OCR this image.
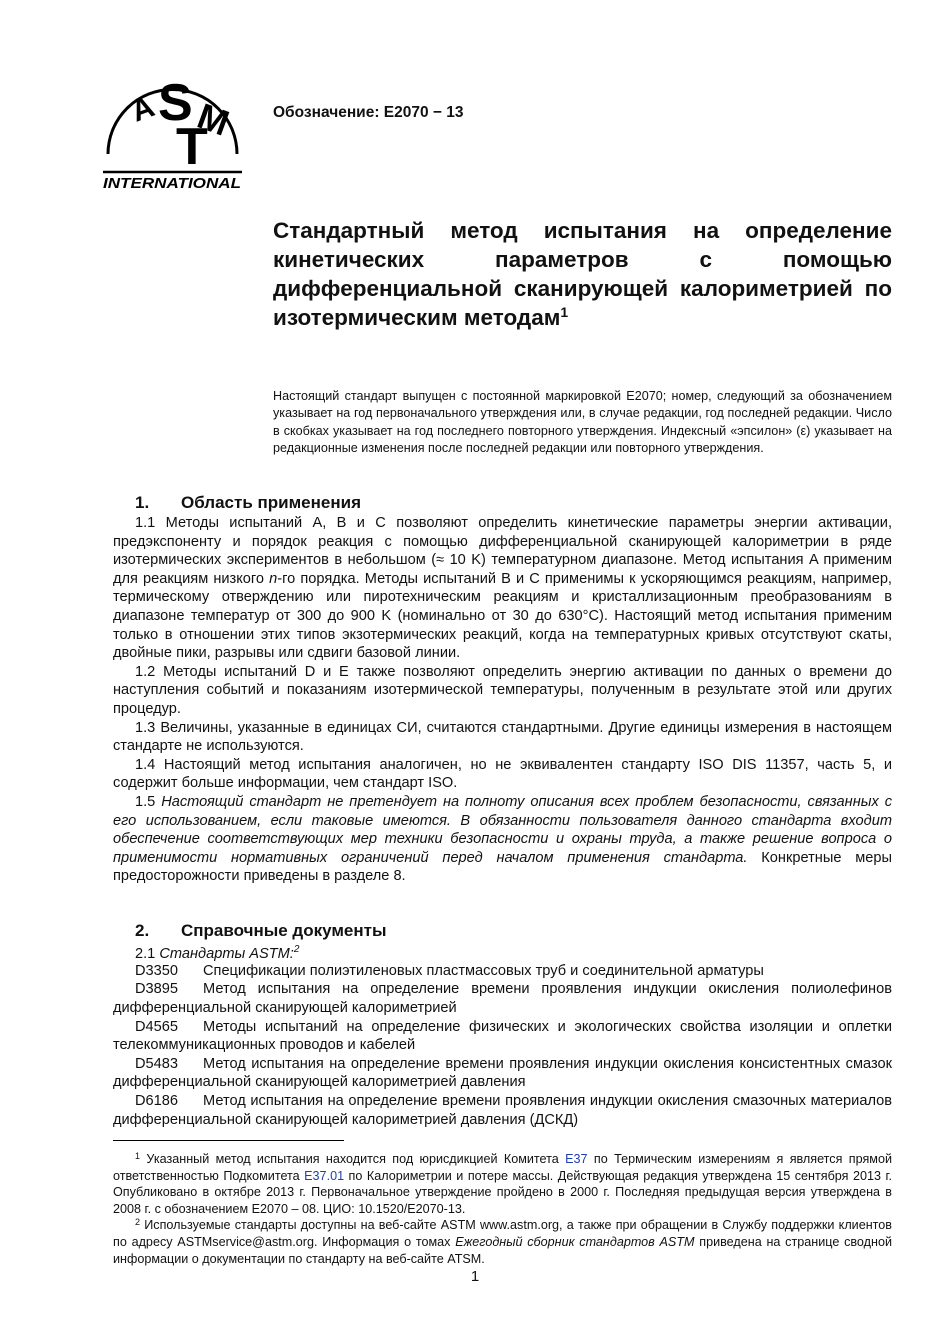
A S
T
M
INTERNATIONAL
Обозначение: E2070 − 13
Стандартный метод испытания на определение кинетических параметров с помощью дифференциальной сканирующей калориметрией по изотермическим методам$^1$
Настоящий стандарт выпущен с постоянной маркировкой E2070; номер, следующий за обозначением указывает на год первоначального утверждения или, в случае редакции, год последней редакции. Число в скобках указывает на год последнего повторного утверждения. Индексный «эпсилон» (ε) указывает на редакционные изменения после последней редакции или повторного утверждения.

1. Область применения

1.1 Методы испытаний A, B и C позволяют определить кинетические параметры энергии активации, предэкспоненту и порядок реакция с помощью дифференциальной сканирующей калориметрии в ряде изотермических экспериментов в небольшом (≈ 10 K) температурном диапазоне. Метод испытания A применим для реакциям низкого n-го порядка. Методы испытаний B и C применимы к ускоряющимся реакциям, например, термическому отверждению или пиротехническим реакциям и кристаллизационным преобразованиям в диапазоне температур от 300 до 900 K (номинально от 30 до 630°С). Настоящий метод испытания применим только в отношении этих типов экзотермических реакций, когда на температурных кривых отсутствуют скаты, двойные пики, разрывы или сдвиги базовой линии.

1.2 Методы испытаний D и E также позволяют определить энергию активации по данных о времени до наступления событий и показаниям изотермической температуры, полученным в результате этой или других процедур.

1.3 Величины, указанные в единицах СИ, считаются стандартными. Другие единицы измерения в настоящем стандарте не используются.

1.4 Настоящий метод испытания аналогичен, но не эквивалентен стандарту ISO DIS 11357, часть 5, и содержит больше информации, чем стандарт ISO.

1.5 Настоящий стандарт не претендует на полноту описания всех проблем безопасности, связанных с его использованием, если таковые имеются. В обязанности пользователя данного стандарта входит обеспечение соответствующих мер техники безопасности и охраны труда, а также решение вопроса о применимости нормативных ограничений перед началом применения стандарта. Конкретные меры предосторожности приведены в разделе 8.

2. Справочные документы

2.1 Стандарты ASTM:$^2$

D3350 Спецификации полиэтиленовых пластмассовых труб и соединительной арматуры

D3895 Метод испытания на определение времени проявления индукции окисления полиолефинов дифференциальной сканирующей калориметрией

D4565 Методы испытаний на определение физических и экологических свойства изоляции и оплетки телекоммуникационных проводов и кабелей

D5483 Метод испытания на определение времени проявления индукции окисления консистентных смазок дифференциальной сканирующей калориметрией давления

D6186 Метод испытания на определение времени проявления индукции окисления смазочных материалов дифференциальной сканирующей калориметрией давления (ДСКД)

$^1$ Указанный метод испытания находится под юрисдикцией Комитета E37 по Термическим измерениям я является прямой ответственностью Подкомитета E37.01 по Калориметрии и потере массы. Действующая редакция утверждена 15 сентября 2013 г. Опубликовано в октябре 2013 г. Первоначальное утверждение пройдено в 2000 г. Последняя предыдущая версия утверждена в 2008 г. с обозначением E2070 – 08. ЦИО: 10.1520/E2070-13.

$^2$ Используемые стандарты доступны на веб-сайте ASTM www.astm.org, а также при обращении в Службу поддержки клиентов по адресу ASTMservice@astm.org. Информация о томах Ежегодный сборник стандартов ASTM приведена на странице сводной информации о документации по стандарту на веб-сайте ATSM.

1
